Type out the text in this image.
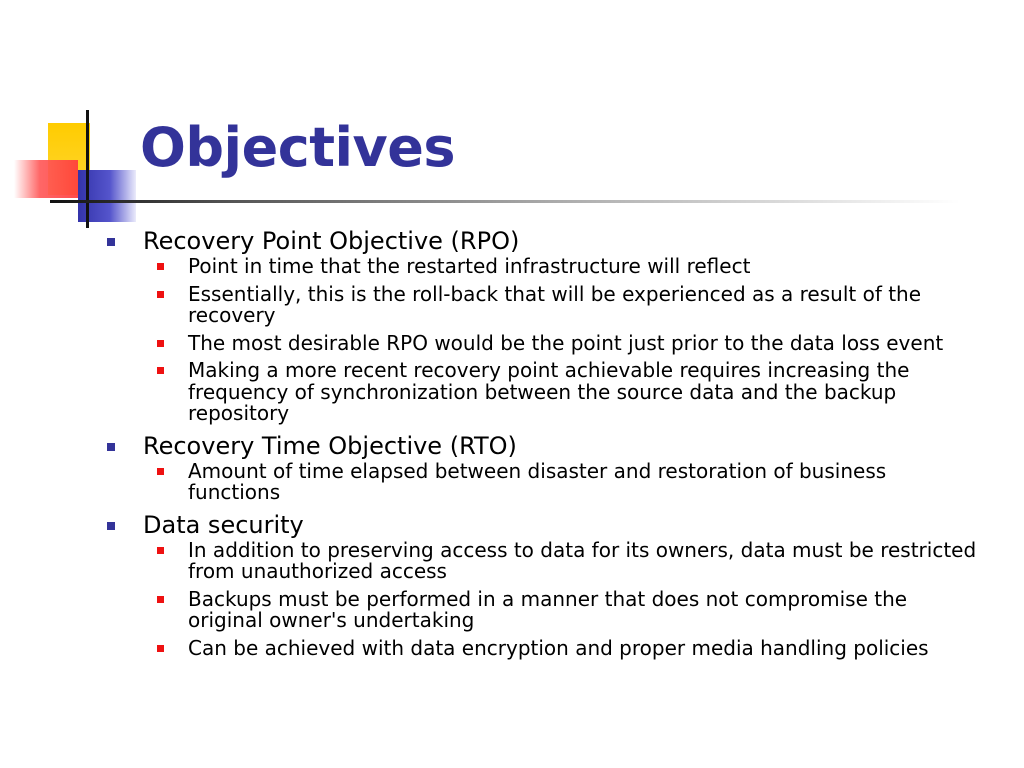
Objectives
Recovery Point Objective (RPO)
Point in time that the restarted infrastructure will reflect
Essentially, this is the roll-back that will be experienced as a result of the recovery
The most desirable RPO would be the point just prior to the data loss event
Making a more recent recovery point achievable requires increasing the frequency of synchronization between the source data and the backup repository
Recovery Time Objective (RTO)
Amount of time elapsed between disaster and restoration of business functions
Data security
In addition to preserving access to data for its owners, data must be restricted from unauthorized access
Backups must be performed in a manner that does not compromise the original owner's undertaking
Can be achieved with data encryption and proper media handling policies
